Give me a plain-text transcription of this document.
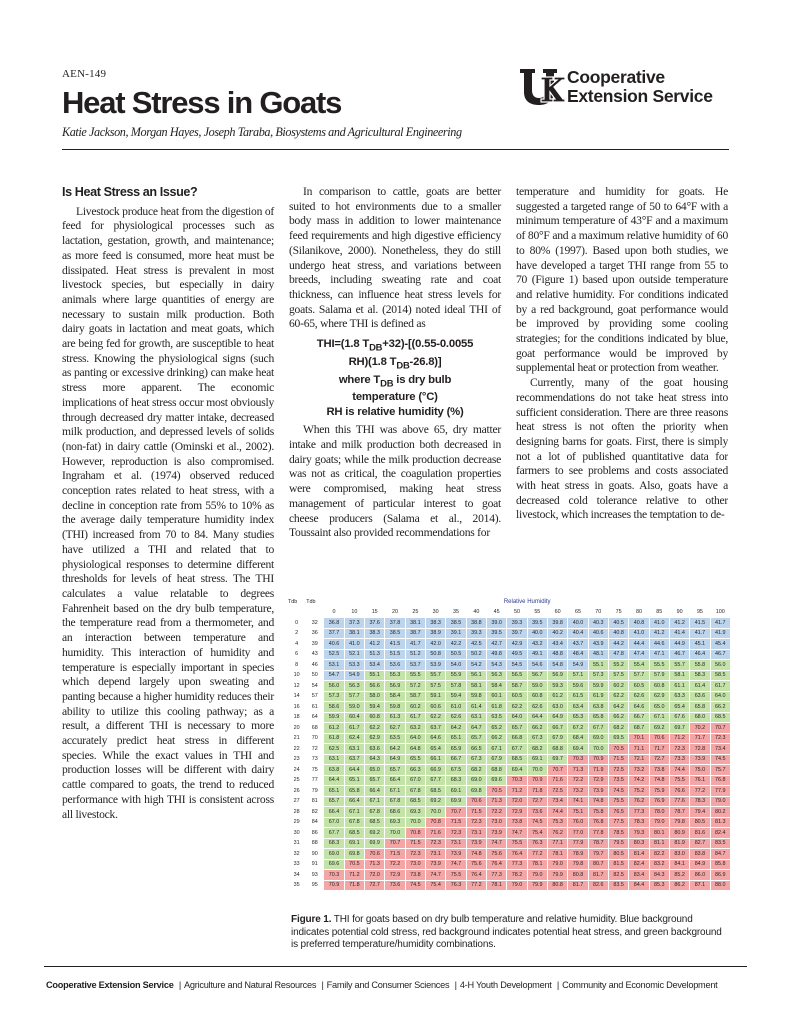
AEN-149
Heat Stress in Goats
Katie Jackson, Morgan Hayes, Joseph Taraba, Biosystems and Agricultural Engineering
Cooperative
Extension Service
Is Heat Stress an Issue?

Livestock produce heat from the digestion of feed for physiological processes such as lactation, gestation, growth, and maintenance; as more feed is consumed, more heat must be dissipated. Heat stress is prevalent in most livestock species, but especially in dairy animals where large quantities of energy are necessary to sustain milk production. Both dairy goats in lactation and meat goats, which are being fed for growth, are susceptible to heat stress. Knowing the physiological signs (such as panting or excessive drinking) can make heat stress more apparent. The economic implications of heat stress occur most obviously through decreased dry matter intake, decreased milk production, and depressed levels of solids (non-fat) in dairy cattle (Ominski et al., 2002). However, reproduction is also compromised. Ingraham et al. (1974) observed reduced conception rates related to heat stress, with a decline in conception rate from 55% to 10% as the average daily temperature humidity index (THI) increased from 70 to 84. Many studies have utilized a THI and related that to physiological responses to determine different thresholds for levels of heat stress. The THI calculates a value relatable to degrees Fahrenheit based on the dry bulb temperature, the temperature read from a thermometer, and an interaction between temperature and humidity. This interaction of humidity and temperature is especially important in species which depend largely upon sweating and panting because a higher humidity reduces their ability to utilize this cooling pathway; as a result, a different THI is necessary to more accurately predict heat stress in different species. While the exact values in THI and production losses will be different with dairy cattle compared to goats, the trend to reduced performance with high THI is consistent across all livestock.

In comparison to cattle, goats are better suited to hot environments due to a smaller body mass in addition to lower maintenance feed requirements and high digestive efficiency (Silanikove, 2000). Nonetheless, they do still undergo heat stress, and variations between breeds, including sweating rate and coat thickness, can influence heat stress levels for goats. Salama et al. (2014) noted ideal THI of 60-65, where THI is defined as

THI=(1.8 $T_{DB}+32)-[(0.55-0.0055$

RH)(1.8 $T_{DB}-26.8$)]

where $T_{DB}$ is dry bulb

temperature (°C)

RH is relative humidity (%)

When this THI was above 65, dry matter intake and milk production both decreased in dairy goats; while the milk production decrease was not as critical, the coagulation properties were compromised, making heat stress management of particular interest to goat cheese producers (Salama et al., 2014). Toussaint also provided recommendations for

temperature and humidity for goats. He suggested a targeted range of 50 to 64°F with a minimum temperature of 43°F and a maximum of 80°F and a maximum relative humidity of 60 to 80% (1997). Based upon both studies, we have developed a target THI range from 55 to 70 (Figure 1) based upon outside temperature and relative humidity. For conditions indicated by a red background, goat performance would be improved by providing some cooling strategies; for the conditions indicated by blue, goat performance would be improved by supplemental heat or protection from weather.

Currently, many of the goat housing recommendations do not take heat stress into sufficient consideration. There are three reasons heat stress is not often the priority when designing barns for goats. First, there is simply not a lot of published quantitative data for farmers to see problems and costs associated with heat stress in goats. Also, goats have a decreased cold tolerance relative to other livestock, which increases the temptation to de-

Tdb	Tdb	Relative Humidity																			
		0	10	15	20	25	30	35	40	45	50	55	60	65	70	75	80	85	90	95	100
0	32	36.8	37.3	37.6	37.8	38.1	38.3	38.5	38.8	39.0	39.3	39.5	39.8	40.0	40.3	40.5	40.8	41.0	41.2	41.5	41.7
2	36	37.7	38.1	38.3	38.5	38.7	38.9	39.1	39.3	39.5	39.7	40.0	40.2	40.4	40.6	40.8	41.0	41.2	41.4	41.7	41.9
4	39	40.6	41.0	41.2	41.5	41.7	42.0	42.2	42.5	42.7	42.9	43.2	43.4	43.7	43.9	44.2	44.4	44.6	44.9	45.1	45.4
6	43	52.5	52.1	51.3	51.5	51.2	50.8	50.5	50.2	49.8	49.5	49.1	48.8	48.4	48.1	47.8	47.4	47.1	46.7	46.4	46.7
8	46	53.1	53.3	53.4	53.6	53.7	53.9	54.0	54.2	54.3	54.5	54.6	54.8	54.9	55.1	55.2	55.4	55.5	55.7	55.8	56.0
10	50	54.7	54.9	55.1	55.3	55.5	55.7	55.9	56.1	56.3	56.5	56.7	56.9	57.1	57.3	57.5	57.7	57.9	58.1	58.3	58.5
12	54	56.0	56.3	56.6	56.9	57.2	57.5	57.8	58.1	58.4	58.7	59.0	59.3	59.6	59.9	60.2	60.5	60.8	61.1	61.4	61.7
14	57	57.3	57.7	58.0	58.4	58.7	59.1	59.4	59.8	60.1	60.5	60.8	61.2	61.5	61.9	62.2	62.6	62.9	63.3	63.6	64.0
16	61	58.6	59.0	59.4	59.8	60.2	60.6	61.0	61.4	61.8	62.2	62.6	63.0	63.4	63.8	64.2	64.6	65.0	65.4	65.8	66.2
18	64	59.9	60.4	60.8	61.3	61.7	62.2	62.6	63.1	63.5	64.0	64.4	64.9	65.3	65.8	66.2	66.7	67.1	67.6	68.0	68.5
20	68	61.2	61.7	62.2	62.7	63.2	63.7	64.2	64.7	65.2	65.7	66.2	66.7	67.2	67.7	68.2	68.7	69.2	69.7	70.2	70.7
21	70	61.8	62.4	62.9	63.5	64.0	64.6	65.1	65.7	66.2	66.8	67.3	67.9	68.4	69.0	69.5	70.1	70.6	71.2	71.7	72.3
22	72	62.5	63.1	63.6	64.2	64.8	65.4	65.9	66.5	67.1	67.7	68.2	68.8	69.4	70.0	70.5	71.1	71.7	72.3	72.8	73.4
23	73	63.1	63.7	64.3	64.9	65.5	66.1	66.7	67.3	67.9	68.5	69.1	69.7	70.3	70.9	71.5	72.1	72.7	73.3	73.9	74.5
24	75	63.8	64.4	65.0	65.7	66.3	66.9	67.5	68.2	68.8	69.4	70.0	70.7	71.3	71.9	72.5	73.2	73.8	74.4	75.0	75.7
25	77	64.4	65.1	65.7	66.4	67.0	67.7	68.3	69.0	69.6	70.3	70.9	71.6	72.2	72.9	73.5	74.2	74.8	75.5	76.1	76.8
26	79	65.1	65.8	66.4	67.1	67.8	68.5	69.1	69.8	70.5	71.2	71.8	72.5	73.2	73.9	74.5	75.2	75.9	76.6	77.2	77.9
27	81	65.7	66.4	67.1	67.8	68.5	69.2	69.9	70.6	71.3	72.0	72.7	73.4	74.1	74.8	75.5	76.2	76.9	77.6	78.3	79.0
28	82	66.4	67.1	67.8	68.6	69.3	70.0	70.7	71.5	72.2	72.9	73.6	74.4	75.1	75.8	76.5	77.3	78.0	78.7	79.4	80.2
29	84	67.0	67.8	68.5	69.3	70.0	70.8	71.5	72.3	73.0	73.8	74.5	75.3	76.0	76.8	77.5	78.3	79.0	79.8	80.5	81.3
30	86	67.7	68.5	69.2	70.0	70.8	71.6	72.3	73.1	73.9	74.7	75.4	76.2	77.0	77.8	78.5	79.3	80.1	80.9	81.6	82.4
31	88	68.3	69.1	69.9	70.7	71.5	72.3	73.1	73.9	74.7	75.5	76.3	77.1	77.9	78.7	79.5	80.3	81.1	81.9	82.7	83.5
32	90	69.0	69.8	70.6	71.5	72.3	73.1	73.9	74.8	75.6	76.4	77.2	78.1	78.9	79.7	80.5	81.4	82.2	83.0	83.8	84.7
33	91	69.6	70.5	71.3	72.2	73.0	73.9	74.7	75.6	76.4	77.3	78.1	79.0	79.8	80.7	81.5	82.4	83.2	84.1	84.9	85.8
34	93	70.3	71.2	72.0	72.9	73.8	74.7	75.5	76.4	77.3	78.2	79.0	79.9	80.8	81.7	82.5	83.4	84.3	85.2	86.0	86.9
35	95	70.9	71.8	72.7	73.6	74.5	75.4	76.3	77.2	78.1	79.0	79.9	80.8	81.7	82.6	83.5	84.4	85.3	86.2	87.1	88.0
Figure 1. THI for goats based on dry bulb temperature and relative humidity. Blue background indicates potential cold stress, red background indicates potential heat stress, and green background is preferred temperature/humidity combinations.
Cooperative Extension Service | Agriculture and Natural Resources | Family and Consumer Sciences | 4-H Youth Development | Community and Economic Development
